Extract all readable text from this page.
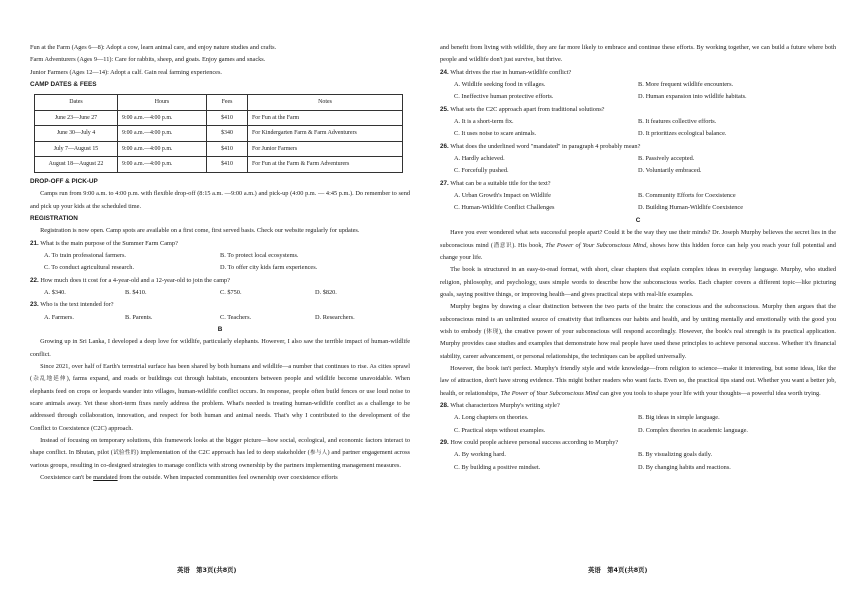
Fun at the Farm (Ages 6—8): Adopt a cow, learn animal care, and enjoy nature studies and crafts.

Farm Adventurers (Ages 9—11): Care for rabbits, sheep, and goats. Enjoy games and snacks.

Junior Farmers (Ages 12—14): Adopt a calf. Gain real farming experiences.

CAMP DATES & FEES

Dates	Hours	Fees	Notes
June 23—June 27	9:00 a.m.—4:00 p.m.	$410	For Fun at the Farm
June 30—July 4	9:00 a.m.—4:00 p.m.	$340	For Kindergarten Farm & Farm Adventurers
July 7—August 15	9:00 a.m.—4:00 p.m.	$410	For Junior Farmers
August 18—August 22	9:00 a.m.—4:00 p.m.	$410	For Fun at the Farm & Farm Adventurers

DROP-OFF & PICK-UP

Camps run from 9:00 a.m. to 4:00 p.m. with flexible drop-off (8:15 a.m. —9:00 a.m.) and pick-up (4:00 p.m. — 4:45 p.m.). Do remember to send and pick up your kids at the scheduled time.

REGISTRATION

Registration is now open. Camp spots are available on a first come, first served basis. Check our website regularly for updates.

21. What is the main purpose of the Summer Farm Camp?

A. To train professional farmers.	B. To protect local ecosystems.
C. To conduct agricultural research.	D. To offer city kids farm experiences.

22. How much does it cost for a 4-year-old and a 12-year-old to join the camp?

A. $340.	B. $410.	C. $750.	D. $820.

23. Who is the text intended for?

A. Farmers.	B. Parents.	C. Teachers.	D. Researchers.

B

Growing up in Sri Lanka, I developed a deep love for wildlife, particularly elephants. However, I also saw the terrible impact of human-wildlife conflict.

Since 2021, over half of Earth's terrestrial surface has been shared by both humans and wildlife—a number that continues to rise. As cities sprawl (杂乱地延伸), farms expand, and roads or buildings cut through habitats, encounters between people and wildlife become unavoidable. When elephants feed on crops or leopards wander into villages, human-wildlife conflict occurs. In response, people often build fences or use loud noise to scare animals away. Yet these short-term fixes rarely address the problem. What's needed is treating human-wildlife conflict as a challenge to be addressed through collaboration, innovation, and respect for both human and animal needs. That's why I contributed to the development of the Conflict to Coexistence (C2C) approach.

Instead of focusing on temporary solutions, this framework looks at the bigger picture—how social, ecological, and economic factors interact to shape conflict. In Bhutan, pilot (试验性的) implementation of the C2C approach has led to deep stakeholder (参与人) and partner engagement across various groups, resulting in co-designed strategies to manage conflicts with strong ownership by the partners implementing management measures.

Coexistence can't be mandated from the outside. When impacted communities feel ownership over coexistence efforts

and benefit from living with wildlife, they are far more likely to embrace and continue these efforts. By working together, we can build a future where both people and wildlife don't just survive, but thrive.

24. What drives the rise in human-wildlife conflict?

A. Wildlife seeking food in villages.	B. More frequent wildlife encounters.
C. Ineffective human protective efforts.	D. Human expansion into wildlife habitats.

25. What sets the C2C approach apart from traditional solutions?

A. It is a short-term fix.	B. It features collective efforts.
C. It uses noise to scare animals.	D. It prioritizes ecological balance.

26. What does the underlined word "mandated" in paragraph 4 probably mean?

A. Hardly achieved.	B. Passively accepted.
C. Forcefully pushed.	D. Voluntarily embraced.

27. What can be a suitable title for the text?

A. Urban Growth's Impact on Wildlife	B. Community Efforts for Coexistence
C. Human-Wildlife Conflict Challenges	D. Building Human-Wildlife Coexistence

C

Have you ever wondered what sets successful people apart? Could it be the way they use their minds? Dr. Joseph Murphy believes the secret lies in the subconscious mind (潜意识). His book, The Power of Your Subconscious Mind, shows how this hidden force can help you reach your full potential and change your life.

The book is structured in an easy-to-read format, with short, clear chapters that explain complex ideas in everyday language. Murphy, who studied religion, philosophy, and psychology, uses simple words to describe how the subconscious works. Each chapter covers a different topic—like picturing goals, saying positive things, or improving health—and gives practical steps with real-life examples.

Murphy begins by drawing a clear distinction between the two parts of the brain: the conscious and the subconscious. Murphy then argues that the subconscious mind is an unlimited source of creativity that influences our habits and health, and by uniting mentally and emotionally with the good you wish to embody (体现), the creative power of your subconscious will respond accordingly. However, the book's real strength is its practical application. Murphy provides case studies and examples that demonstrate how real people have used these principles to achieve personal success. Whether it's financial stability, career advancement, or personal relationships, the techniques can be applied universally.

However, the book isn't perfect. Murphy's friendly style and wide knowledge—from religion to science—make it interesting, but some ideas, like the law of attraction, don't have strong evidence. This might bother readers who want facts. Even so, the practical tips stand out. Whether you want a better job, health, or relationships, The Power of Your Subconscious Mind can give you tools to shape your life with your thoughts—a powerful idea worth trying.

28. What characterizes Murphy's writing style?

A. Long chapters on theories.	B. Big ideas in simple language.
C. Practical steps without examples.	D. Complex theories in academic language.

29. How could people achieve personal success according to Murphy?

A. By working hard.	B. By visualizing goals daily.
C. By building a positive mindset.	D. By changing habits and reactions.
英语　第3页(共8页)	英语　第4页(共8页)
